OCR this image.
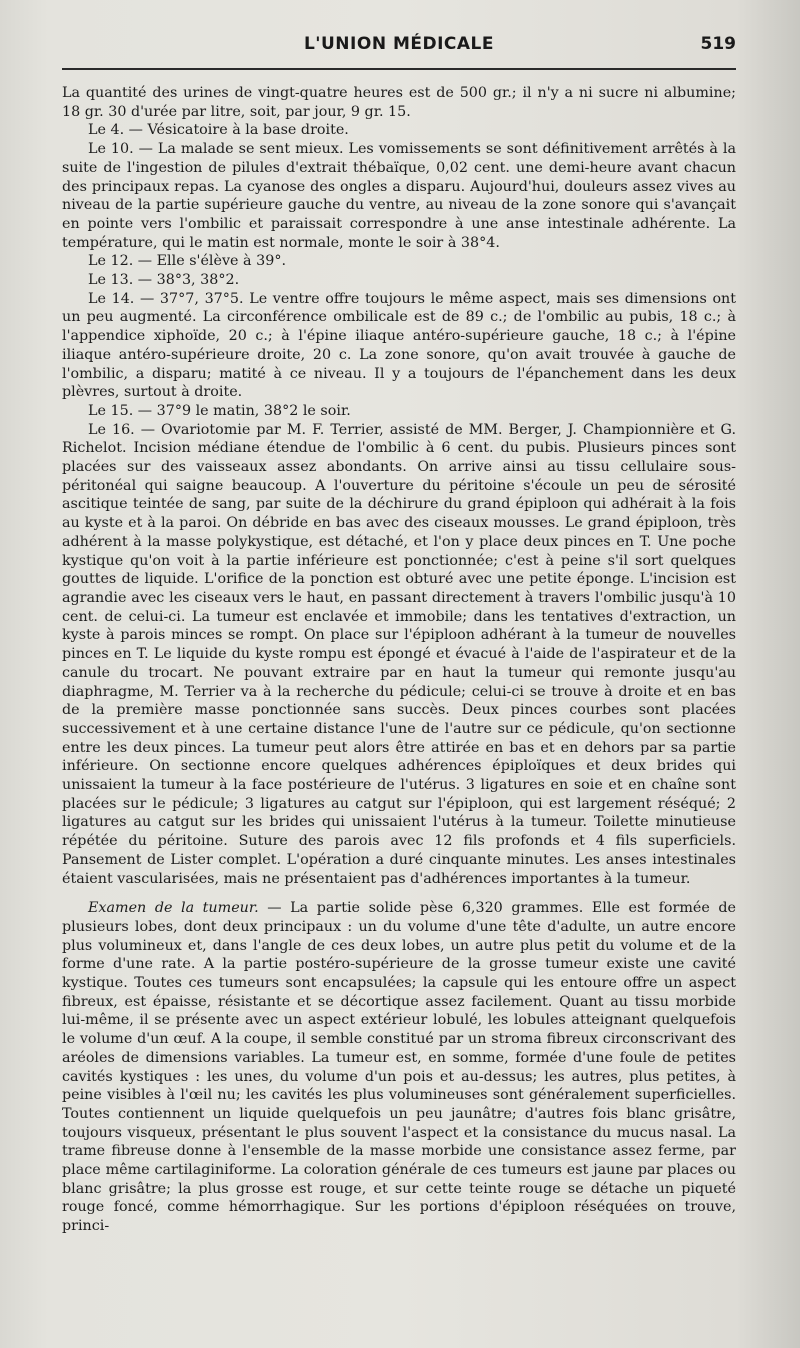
L'UNION MÉDICALE	519

La quantité des urines de vingt-quatre heures est de 500 gr.; il n'y a ni sucre ni albumine; 18 gr. 30 d'urée par litre, soit, par jour, 9 gr. 15.

Le 4. — Vésicatoire à la base droite.

Le 10. — La malade se sent mieux. Les vomissements se sont définitivement arrêtés à la suite de l'ingestion de pilules d'extrait thébaïque, 0,02 cent. une demi-heure avant chacun des principaux repas. La cyanose des ongles a disparu. Aujourd'hui, douleurs assez vives au niveau de la partie supérieure gauche du ventre, au niveau de la zone sonore qui s'avançait en pointe vers l'ombilic et paraissait correspondre à une anse intestinale adhérente. La température, qui le matin est normale, monte le soir à 38°4.

Le 12. — Elle s'élève à 39°.

Le 13. — 38°3, 38°2.

Le 14. — 37°7, 37°5. Le ventre offre toujours le même aspect, mais ses dimensions ont un peu augmenté. La circonférence ombilicale est de 89 c.; de l'ombilic au pubis, 18 c.; à l'appendice xiphoïde, 20 c.; à l'épine iliaque antéro-supérieure gauche, 18 c.; à l'épine iliaque antéro-supérieure droite, 20 c. La zone sonore, qu'on avait trouvée à gauche de l'ombilic, a disparu; matité à ce niveau. Il y a toujours de l'épanchement dans les deux plèvres, surtout à droite.

Le 15. — 37°9 le matin, 38°2 le soir.

Le 16. — Ovariotomie par M. F. Terrier, assisté de MM. Berger, J. Championnière et G. Richelot. Incision médiane étendue de l'ombilic à 6 cent. du pubis. Plusieurs pinces sont placées sur des vaisseaux assez abondants. On arrive ainsi au tissu cellulaire sous-péritonéal qui saigne beaucoup. A l'ouverture du péritoine s'écoule un peu de sérosité ascitique teintée de sang, par suite de la déchirure du grand épiploon qui adhérait à la fois au kyste et à la paroi. On débride en bas avec des ciseaux mousses. Le grand épiploon, très adhérent à la masse polykystique, est détaché, et l'on y place deux pinces en T. Une poche kystique qu'on voit à la partie inférieure est ponctionnée; c'est à peine s'il sort quelques gouttes de liquide. L'orifice de la ponction est obturé avec une petite éponge. L'incision est agrandie avec les ciseaux vers le haut, en passant directement à travers l'ombilic jusqu'à 10 cent. de celui-ci. La tumeur est enclavée et immobile; dans les tentatives d'extraction, un kyste à parois minces se rompt. On place sur l'épiploon adhérant à la tumeur de nouvelles pinces en T. Le liquide du kyste rompu est épongé et évacué à l'aide de l'aspirateur et de la canule du trocart. Ne pouvant extraire par en haut la tumeur qui remonte jusqu'au diaphragme, M. Terrier va à la recherche du pédicule; celui-ci se trouve à droite et en bas de la première masse ponctionnée sans succès. Deux pinces courbes sont placées successivement et à une certaine distance l'une de l'autre sur ce pédicule, qu'on sectionne entre les deux pinces. La tumeur peut alors être attirée en bas et en dehors par sa partie inférieure. On sectionne encore quelques adhérences épiploïques et deux brides qui unissaient la tumeur à la face postérieure de l'utérus. 3 ligatures en soie et en chaîne sont placées sur le pédicule; 3 ligatures au catgut sur l'épiploon, qui est largement réséqué; 2 ligatures au catgut sur les brides qui unissaient l'utérus à la tumeur. Toilette minutieuse répétée du péritoine. Suture des parois avec 12 fils profonds et 4 fils superficiels. Pansement de Lister complet. L'opération a duré cinquante minutes. Les anses intestinales étaient vascularisées, mais ne présentaient pas d'adhérences importantes à la tumeur.

Examen de la tumeur. — La partie solide pèse 6,320 grammes. Elle est formée de plusieurs lobes, dont deux principaux : un du volume d'une tête d'adulte, un autre encore plus volumineux et, dans l'angle de ces deux lobes, un autre plus petit du volume et de la forme d'une rate. A la partie postéro-supérieure de la grosse tumeur existe une cavité kystique. Toutes ces tumeurs sont encapsulées; la capsule qui les entoure offre un aspect fibreux, est épaisse, résistante et se décortique assez facilement. Quant au tissu morbide lui-même, il se présente avec un aspect extérieur lobulé, les lobules atteignant quelquefois le volume d'un œuf. A la coupe, il semble constitué par un stroma fibreux circonscrivant des aréoles de dimensions variables. La tumeur est, en somme, formée d'une foule de petites cavités kystiques : les unes, du volume d'un pois et au-dessus; les autres, plus petites, à peine visibles à l'œil nu; les cavités les plus volumineuses sont généralement superficielles. Toutes contiennent un liquide quelquefois un peu jaunâtre; d'autres fois blanc grisâtre, toujours visqueux, présentant le plus souvent l'aspect et la consistance du mucus nasal. La trame fibreuse donne à l'ensemble de la masse morbide une consistance assez ferme, par place même cartilaginiforme. La coloration générale de ces tumeurs est jaune par places ou blanc grisâtre; la plus grosse est rouge, et sur cette teinte rouge se détache un piqueté rouge foncé, comme hémorrhagique. Sur les portions d'épiploon réséquées on trouve, princi-
